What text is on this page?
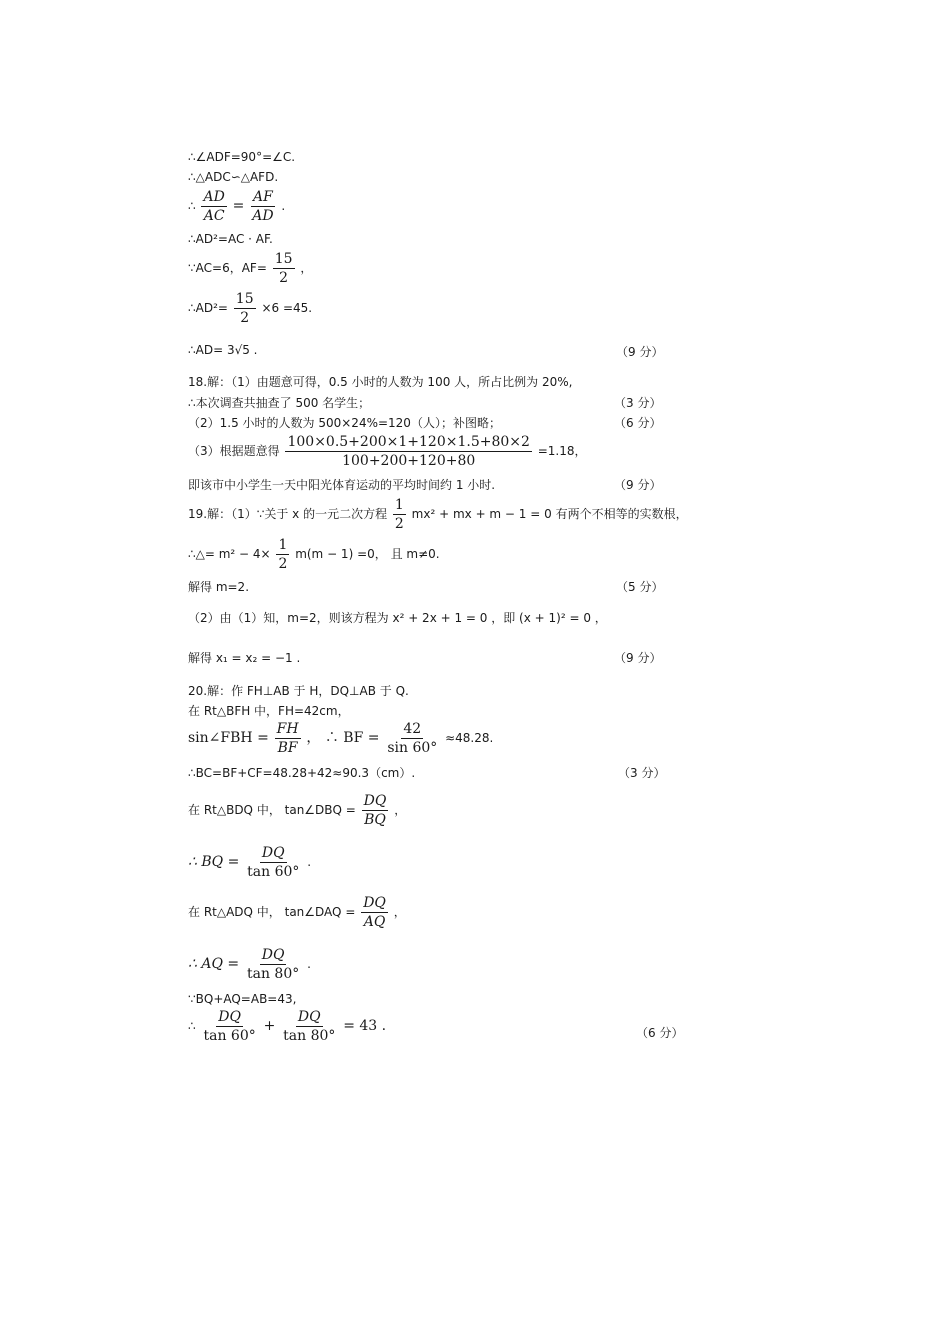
∴∠ADF=90°=∠C.
∴△ADC∽△AFD.
∴ $\frac{AD}{AC} = \frac{AF}{AD}$ .
∴AD²=AC · AF.
∵AC=6，$AF= \frac{15}{2}$ ，
∴AD²= $\frac{15}{2} \times 6 =45$.
∴AD= 3√5 .	（9 分）
18.解：（1）由题意可得，0.5 小时的人数为 100 人，所占比例为 20%,
∴本次调查共抽查了 500 名学生；	（3 分）
（2）1.5 小时的人数为 500×24%=120（人）；补图略；	（6 分）
（3）根据题意得 $\frac{100\times 0.5+200\times 1+120\times 1.5+80\times 2}{100+200+120+80} =1.18$，
即该市中小学生一天中阳光体育运动的平均时间约 1 小时.	（9 分）
19.解：（1）∵关于 x 的一元二次方程 $\frac{1}{2} mx^2$ + mx + m − 1 = 0 有两个不相等的实数根，
∴△= $m^2 - 4\times \frac{1}{2} m(m - 1) =0$， 且 m≠0.
解得 m=2.	（5 分）
（2）由（1）知，m=2，则该方程为 x² + 2x + 1 = 0 ，即 (x + 1)² = 0 ，
解得 x₁ = x₂ = −1 .	（9 分）
20.解：作 FH⊥AB 于 H，DQ⊥AB 于 Q.
在 Rt△BFH 中，FH=42cm，
sin∠FBH = $\frac{FH}{BF}$ ， ∴ BF = $\frac{42}{\sin 60^\circ} \approx 48.28$.
∴BC=BF+CF=48.28+42≈90.3（cm）.	（3 分）
在 Rt△BDQ 中， tan∠DBQ = $\frac{DQ}{BQ}$ ，
∴ BQ = $\frac{DQ}{\tan 60^\circ}$ .
在 Rt△ADQ 中， tan∠DAQ = $\frac{DQ}{AQ}$ ，
∴ AQ = $\frac{DQ}{\tan 80^\circ}$ .
∵BQ+AQ=AB=43,
∴ $\frac{DQ}{\tan 60^\circ} + \frac{DQ}{\tan 80^\circ} = 43$ .	（6 分）
